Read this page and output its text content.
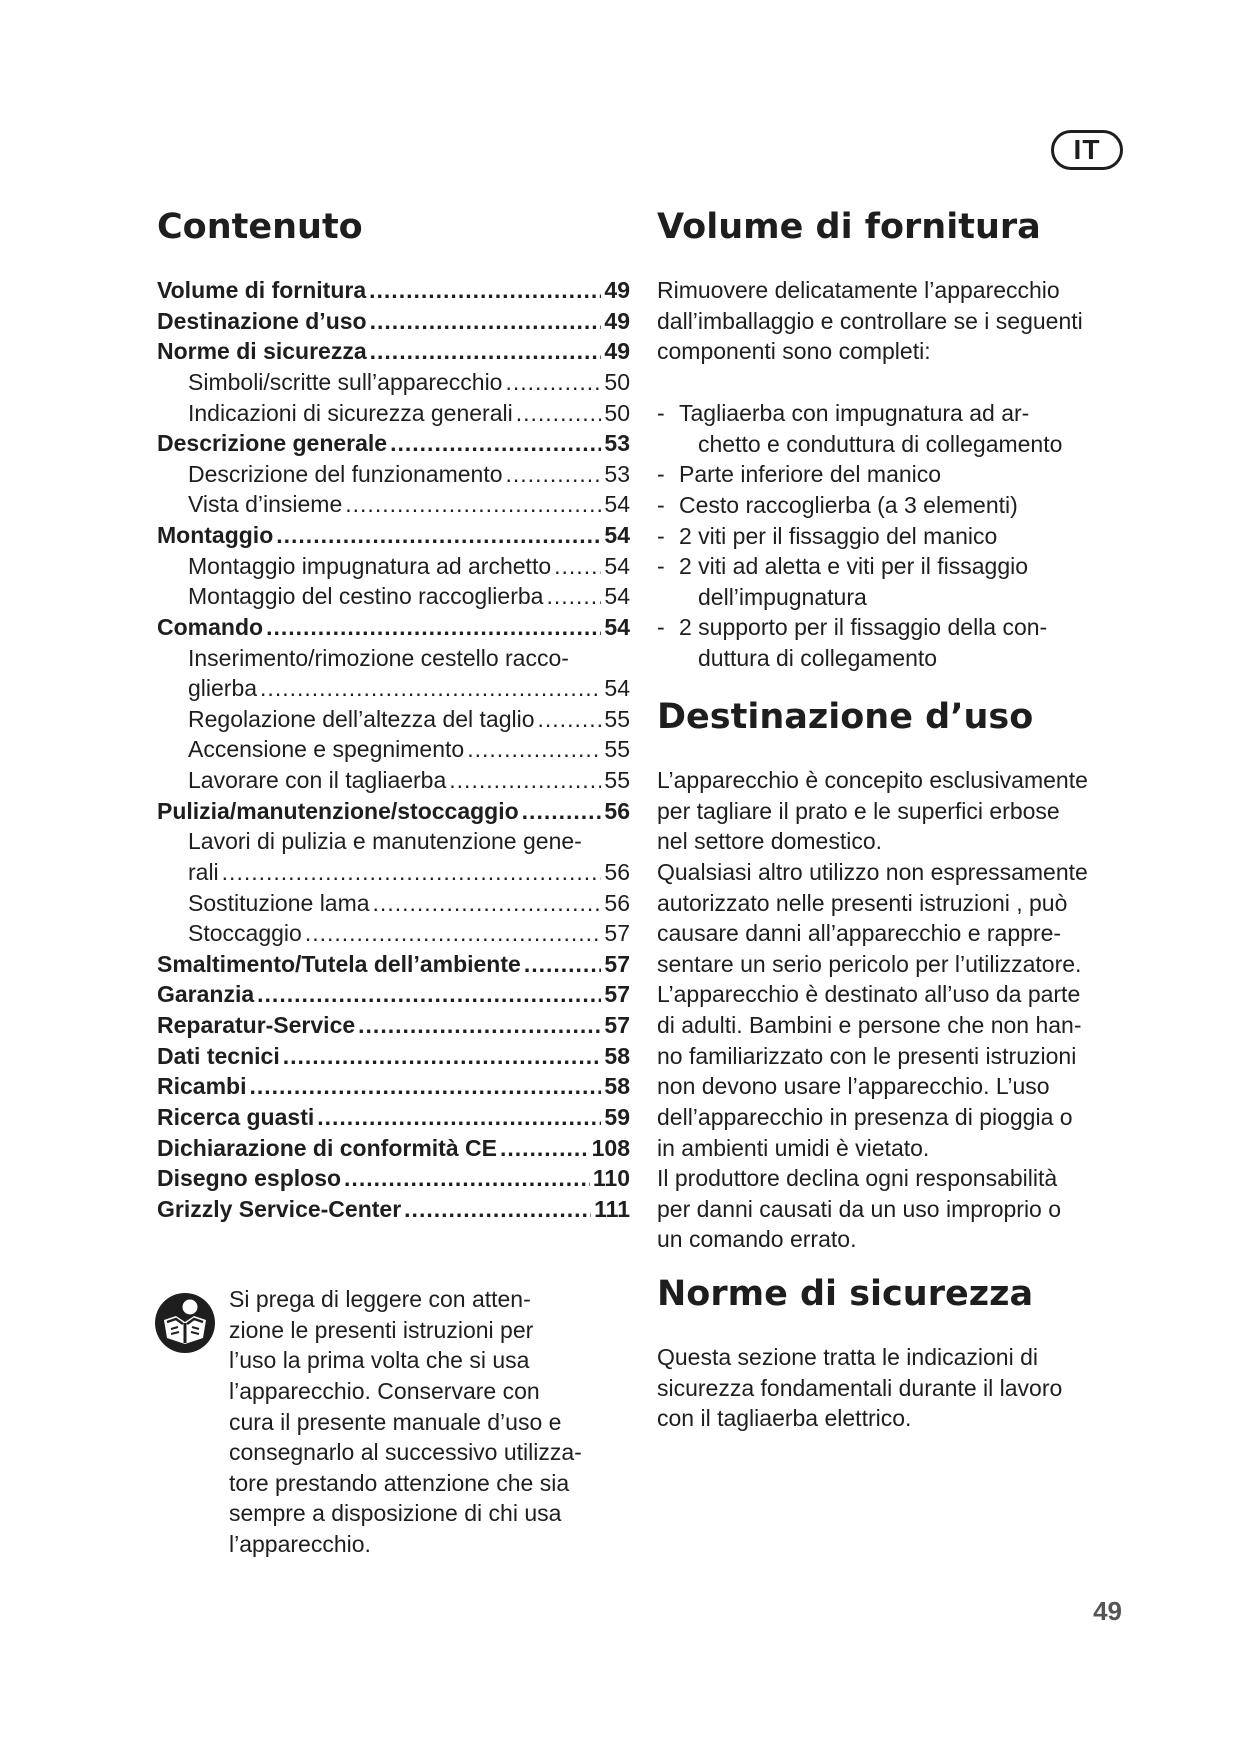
IT
Contenuto
Volume di fornitura .....	49
Destinazione d’uso .....	49
Norme di sicurezza .....	49
Simboli/scritte sull’apparecchio .....	50
Indicazioni di sicurezza generali .....	50
Descrizione generale .....	53
Descrizione del funzionamento .....	53
Vista d’insieme .....	54
Montaggio .....	54
Montaggio impugnatura ad archetto ..... 54
Montaggio del cestino raccoglierba .....	54
Comando .....	54
Inserimento/rimozione cestello racco-
glierba .....	54
Regolazione dell’altezza del taglio .....	55
Accensione e spegnimento .....	55
Lavorare con il tagliaerba .....	55
Pulizia/manutenzione/stoccaggio .....	56
Lavori di pulizia e manutenzione gene-
rali .....	56
Sostituzione lama .....	56
Stoccaggio .....	57
Smaltimento/Tutela dell’ambiente .....	57
Garanzia .....	57
Reparatur-Service .....	57
Dati tecnici .....	58
Ricambi .....	58
Ricerca guasti .....	59
Dichiarazione di conformità CE .....	108
Disegno esploso .....	110
Grizzly Service-Center .....	111

Si prega di leggere con atten-
zione le presenti istruzioni per
l’uso la prima volta che si usa
l’apparecchio. Conservare con
cura il presente manuale d’uso e
consegnarlo al successivo utilizza-
tore prestando attenzione che sia
sempre a disposizione di chi usa
l’apparecchio.

Volume di fornitura

Rimuovere delicatamente l’apparecchio
dall’imballaggio e controllare se i seguenti
componenti sono completi:

- Tagliaerba con impugnatura ad ar-
chetto e conduttura di collegamento
- Parte inferiore del manico
- Cesto raccoglierba (a 3 elementi)
- 2 viti per il fissaggio del manico
- 2 viti ad aletta e viti per il fissaggio
dell’impugnatura
- 2 supporto per il fissaggio della con-
duttura di collegamento
Destinazione d’uso

L’apparecchio è concepito esclusivamente
per tagliare il prato e le superfici erbose
nel settore domestico.
Qualsiasi altro utilizzo non espressamente
autorizzato nelle presenti istruzioni , può
causare danni all’apparecchio e rappre-
sentare un serio pericolo per l’utilizzatore.
L’apparecchio è destinato all’uso da parte
di adulti. Bambini e persone che non han-
no familiarizzato con le presenti istruzioni
non devono usare l’apparecchio. L’uso
dell’apparecchio in presenza di pioggia o
in ambienti umidi è vietato.
Il produttore declina ogni responsabilità
per danni causati da un uso improprio o
un comando errato.

Norme di sicurezza

Questa sezione tratta le indicazioni di
sicurezza fondamentali durante il lavoro
con il tagliaerba elettrico.

49
